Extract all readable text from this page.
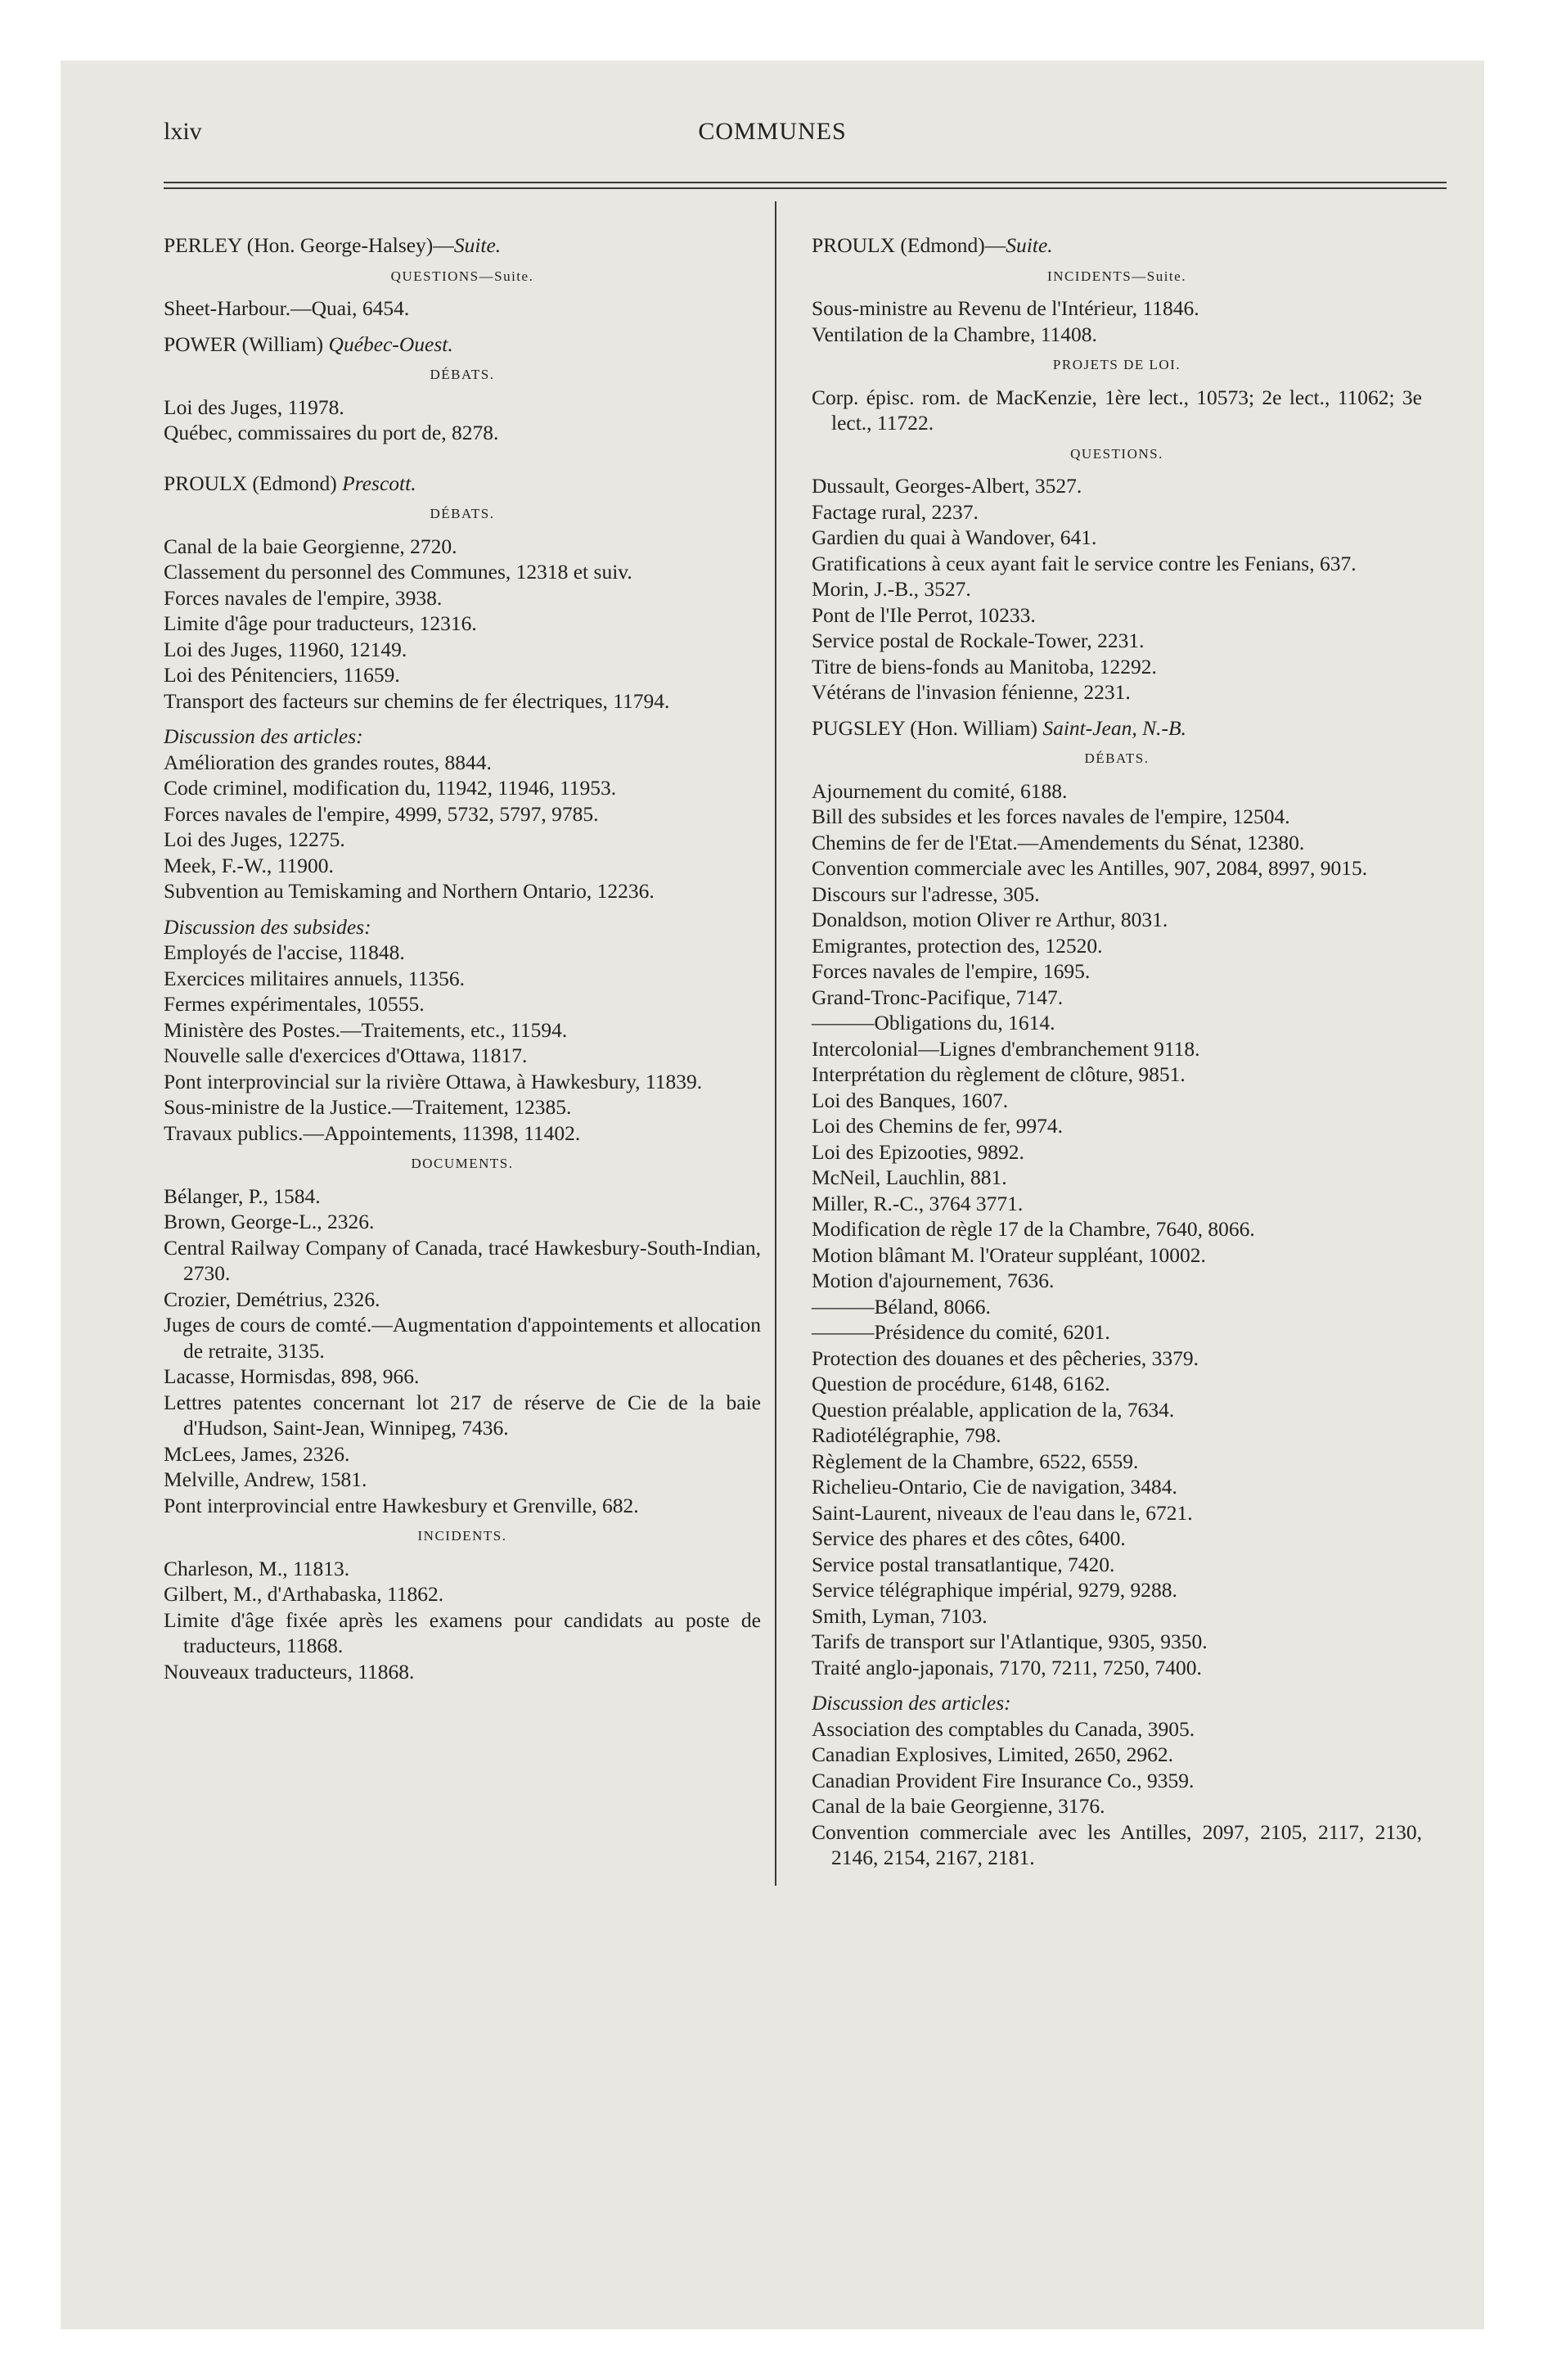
lxiv	COMMUNES

PERLEY (Hon. George-Halsey)—Suite.

QUESTIONS—Suite.

Sheet-Harbour.—Quai, 6454.

POWER (William) Québec-Ouest.

DÉBATS.

Loi des Juges, 11978.

Québec, commissaires du port de, 8278.

PROULX (Edmond) Prescott.

DÉBATS.

Canal de la baie Georgienne, 2720.

Classement du personnel des Communes, 12318 et suiv.

Forces navales de l'empire, 3938.

Limite d'âge pour traducteurs, 12316.

Loi des Juges, 11960, 12149.

Loi des Pénitenciers, 11659.

Transport des facteurs sur chemins de fer électriques, 11794.

Discussion des articles:

Amélioration des grandes routes, 8844.

Code criminel, modification du, 11942, 11946, 11953.

Forces navales de l'empire, 4999, 5732, 5797, 9785.

Loi des Juges, 12275.

Meek, F.-W., 11900.

Subvention au Temiskaming and Northern Ontario, 12236.

Discussion des subsides:

Employés de l'accise, 11848.

Exercices militaires annuels, 11356.

Fermes expérimentales, 10555.

Ministère des Postes.—Traitements, etc., 11594.

Nouvelle salle d'exercices d'Ottawa, 11817.

Pont interprovincial sur la rivière Ottawa, à Hawkesbury, 11839.

Sous-ministre de la Justice.—Traitement, 12385.

Travaux publics.—Appointements, 11398, 11402.

DOCUMENTS.

Bélanger, P., 1584.

Brown, George-L., 2326.

Central Railway Company of Canada, tracé Hawkesbury-South-Indian, 2730.

Crozier, Demétrius, 2326.

Juges de cours de comté.—Augmentation d'appointements et allocation de retraite, 3135.

Lacasse, Hormisdas, 898, 966.

Lettres patentes concernant lot 217 de réserve de Cie de la baie d'Hudson, Saint-Jean, Winnipeg, 7436.

McLees, James, 2326.

Melville, Andrew, 1581.

Pont interprovincial entre Hawkesbury et Grenville, 682.

INCIDENTS.

Charleson, M., 11813.

Gilbert, M., d'Arthabaska, 11862.

Limite d'âge fixée après les examens pour candidats au poste de traducteurs, 11868.

Nouveaux traducteurs, 11868.

PROULX (Edmond)—Suite.

INCIDENTS—Suite.

Sous-ministre au Revenu de l'Intérieur, 11846.

Ventilation de la Chambre, 11408.

PROJETS DE LOI.

Corp. épisc. rom. de MacKenzie, 1ère lect., 10573; 2e lect., 11062; 3e lect., 11722.

QUESTIONS.

Dussault, Georges-Albert, 3527.

Factage rural, 2237.

Gardien du quai à Wandover, 641.

Gratifications à ceux ayant fait le service contre les Fenians, 637.

Morin, J.-B., 3527.

Pont de l'Ile Perrot, 10233.

Service postal de Rockale-Tower, 2231.

Titre de biens-fonds au Manitoba, 12292.

Vétérans de l'invasion fénienne, 2231.

PUGSLEY (Hon. William) Saint-Jean, N.-B.

DÉBATS.

Ajournement du comité, 6188.

Bill des subsides et les forces navales de l'empire, 12504.

Chemins de fer de l'Etat.—Amendements du Sénat, 12380.

Convention commerciale avec les Antilles, 907, 2084, 8997, 9015.

Discours sur l'adresse, 305.

Donaldson, motion Oliver re Arthur, 8031.

Emigrantes, protection des, 12520.

Forces navales de l'empire, 1695.

Grand-Tronc-Pacifique, 7147.

———Obligations du, 1614.

Intercolonial—Lignes d'embranchement 9118.

Interprétation du règlement de clôture, 9851.

Loi des Banques, 1607.

Loi des Chemins de fer, 9974.

Loi des Epizooties, 9892.

McNeil, Lauchlin, 881.

Miller, R.-C., 3764 3771.

Modification de règle 17 de la Chambre, 7640, 8066.

Motion blâmant M. l'Orateur suppléant, 10002.

Motion d'ajournement, 7636.

———Béland, 8066.

———Présidence du comité, 6201.

Protection des douanes et des pêcheries, 3379.

Question de procédure, 6148, 6162.

Question préalable, application de la, 7634.

Radiotélégraphie, 798.

Règlement de la Chambre, 6522, 6559.

Richelieu-Ontario, Cie de navigation, 3484.

Saint-Laurent, niveaux de l'eau dans le, 6721.

Service des phares et des côtes, 6400.

Service postal transatlantique, 7420.

Service télégraphique impérial, 9279, 9288.

Smith, Lyman, 7103.

Tarifs de transport sur l'Atlantique, 9305, 9350.

Traité anglo-japonais, 7170, 7211, 7250, 7400.

Discussion des articles:

Association des comptables du Canada, 3905.

Canadian Explosives, Limited, 2650, 2962.

Canadian Provident Fire Insurance Co., 9359.

Canal de la baie Georgienne, 3176.

Convention commerciale avec les Antilles, 2097, 2105, 2117, 2130, 2146, 2154, 2167, 2181.
